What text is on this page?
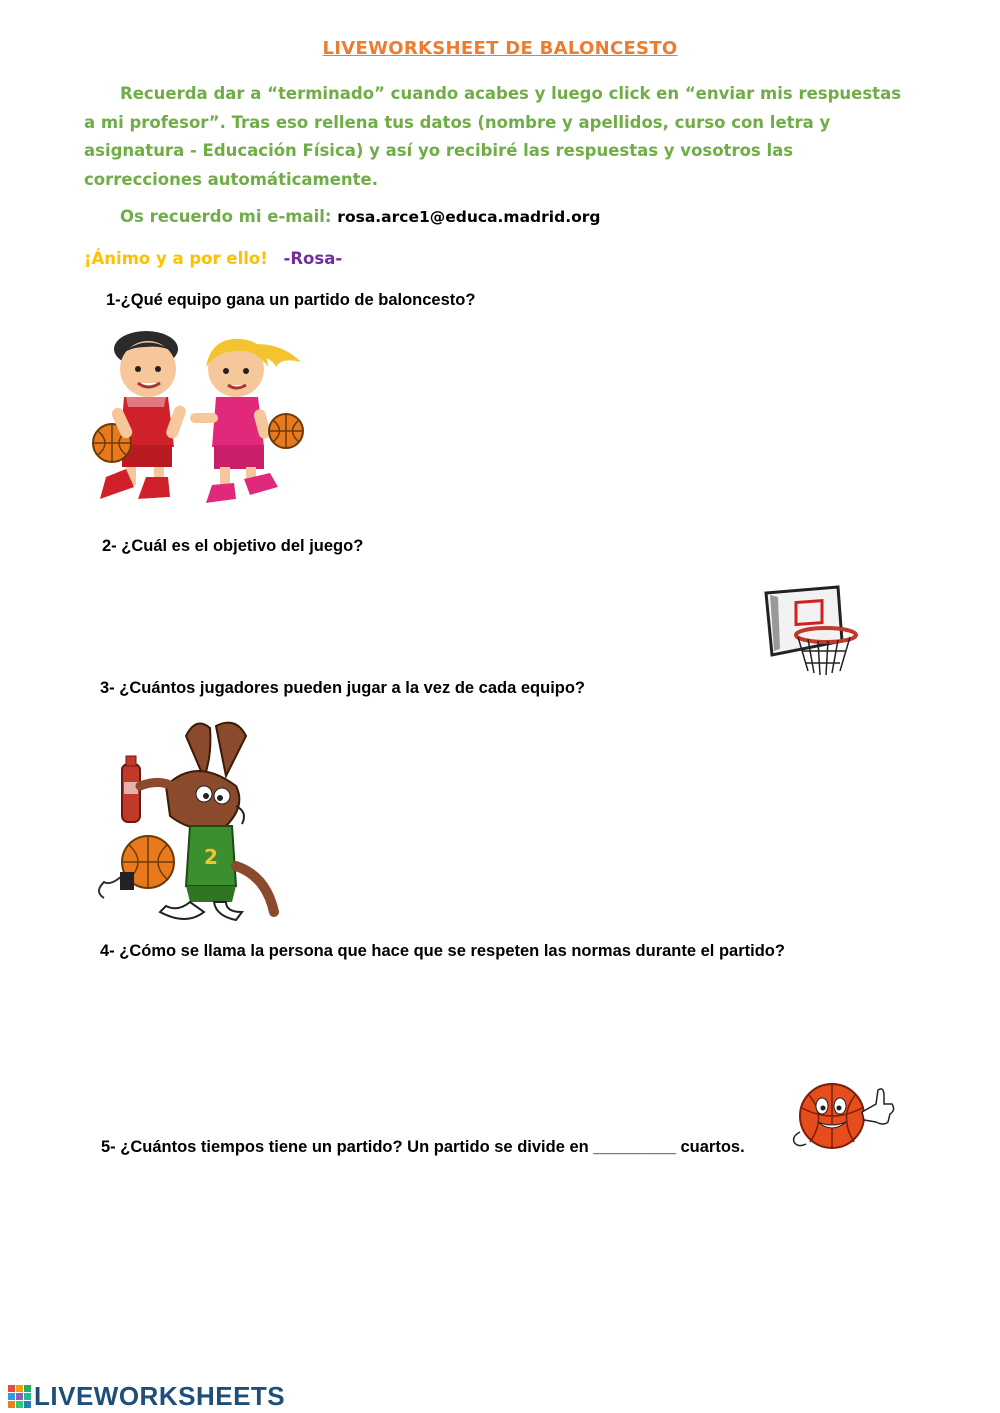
LIVEWORKSHEET DE BALONCESTO
Recuerda dar a “terminado” cuando acabes y luego click en “enviar mis respuestas a mi profesor”. Tras eso rellena tus datos (nombre y apellidos, curso con letra y asignatura - Educación Física) y así yo recibiré las respuestas y vosotros las correcciones automáticamente.
Os recuerdo mi e-mail: rosa.arce1@educa.madrid.org
¡Ánimo y a por ello! -Rosa-
1-¿Qué equipo gana un partido de baloncesto?
2- ¿Cuál es el objetivo del juego?
3- ¿Cuántos jugadores pueden jugar a la vez de cada equipo?
2
4- ¿Cómo se llama la persona que hace que se respeten las normas durante el partido?
5- ¿Cuántos tiempos tiene un partido? Un partido se divide en _________ cuartos.
LIVEWORKSHEETS
